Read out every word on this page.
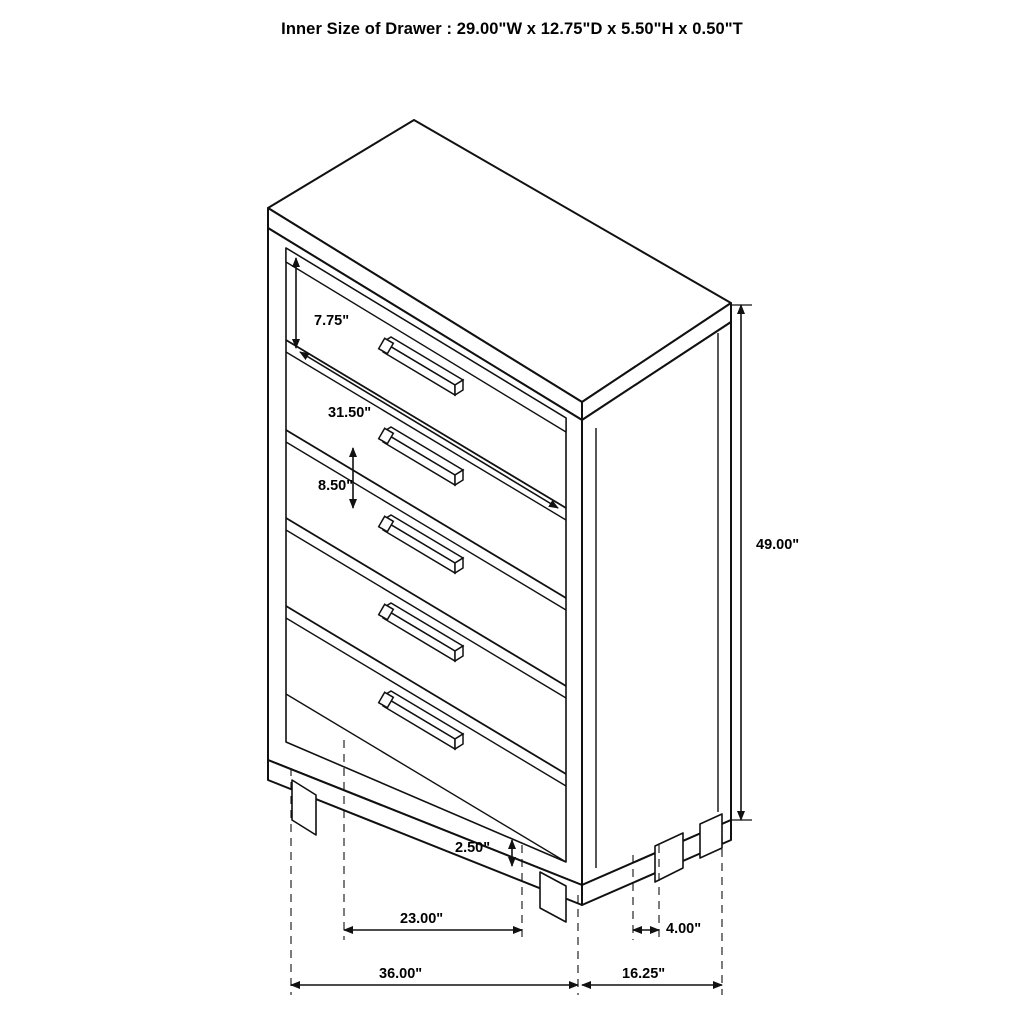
Inner Size of Drawer : 29.00"W x 12.75"D x 5.50"H x 0.50"T
7.75"
31.50"
8.50"
49.00"
2.50"
23.00"
4.00"
36.00"	16.25"
